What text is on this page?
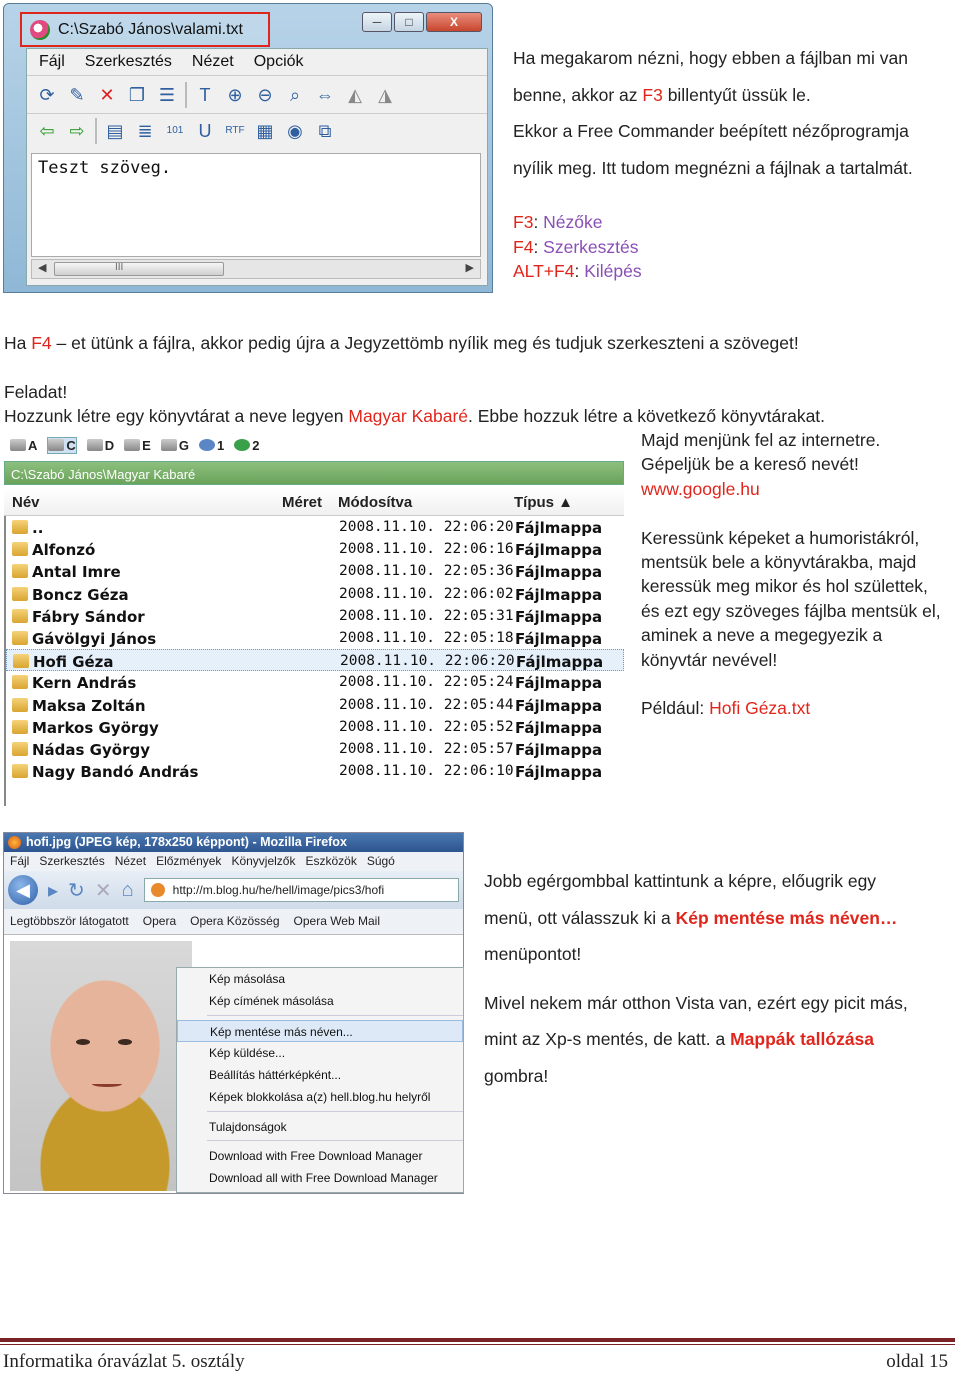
C:\Szabó János\valami.txt	─	□	X
Fájl Szerkesztés Nézet Opciók
⟳ ✎ ✕ ❐ ☰	T ⊕ ⊖ ⌕ ⇔ ◭ ◮
⇦ ⇨ ▤ ≣	101 U	RTF ▦ ◉ ⧉
Teszt szöveg.
◀	III	▶
Ha megakarom nézni, hogy ebben a fájlban mi van
benne, akkor az F3 billentyűt üssük le.
Ekkor a Free Commander beépített nézőprogramja
nyílik meg. Itt tudom megnézni a fájlnak a tartalmát.
F3: Nézőke
F4: Szerkesztés
ALT+F4: Kilépés
Ha F4 – et ütünk a fájlra, akkor pedig újra a Jegyzettömb nyílik meg és tudjuk szerkeszteni a szöveget!
Feladat!
Hozzunk létre egy könyvtárat a neve legyen Magyar Kabaré. Ebbe hozzuk létre a következő könyvtárakat.
A C D E G 1 2
C:\Szabó János\Magyar Kabaré
Név	Méret Módosítva	Típus ▲
..	2008.11.10. 22:06:20 Fájlmappa
Alfonzó	2008.11.10. 22:06:16 Fájlmappa
Antal Imre	2008.11.10. 22:05:36 Fájlmappa
Boncz Géza	2008.11.10. 22:06:02 Fájlmappa
Fábry Sándor	2008.11.10. 22:05:31 Fájlmappa
Gávölgyi János	2008.11.10. 22:05:18 Fájlmappa
Hofi Géza	2008.11.10. 22:06:20 Fájlmappa
Kern András	2008.11.10. 22:05:24 Fájlmappa
Maksa Zoltán	2008.11.10. 22:05:44 Fájlmappa
Markos György	2008.11.10. 22:05:52 Fájlmappa
Nádas György	2008.11.10. 22:05:57 Fájlmappa
Nagy Bandó András	2008.11.10. 22:06:10 Fájlmappa
Majd menjünk fel az internetre.
Gépeljük be a kereső nevét!
www.google.hu
Keressünk képeket a humoristákról,
mentsük bele a könyvtárakba, majd
keressük meg mikor és hol születtek,
és ezt egy szöveges fájlba mentsük el,
aminek a neve a megegyezik a
könyvtár nevével!
Például: Hofi Géza.txt
hofi.jpg (JPEG kép, 178x250 képpont) - Mozilla Firefox
Fájl Szerkesztés Nézet Előzmények Könyvjelzők Eszközök Súgó
◀ ▸ ↻ ✕ ⌂	http://m.blog.hu/he/hell/image/pics3/hofi
Legtöbbször látogatott Opera Opera Közösség Opera Web Mail
Kép másolása
Kép címének másolása
Kép mentése más néven...
Kép küldése...
Beállítás háttérképként...
Képek blokkolása a(z) hell.blog.hu helyről
Tulajdonságok
Download with Free Download Manager
Download all with Free Download Manager
Jobb egérgombbal kattintunk a képre, előugrik egy
menü, ott válasszuk ki a Kép mentése más néven…
menüpontot!
Mivel nekem már otthon Vista van, ezért egy picit más,
mint az Xp-s mentés, de katt. a Mappák tallózása
gombra!
Informatika óravázlat 5. osztály	oldal 15
